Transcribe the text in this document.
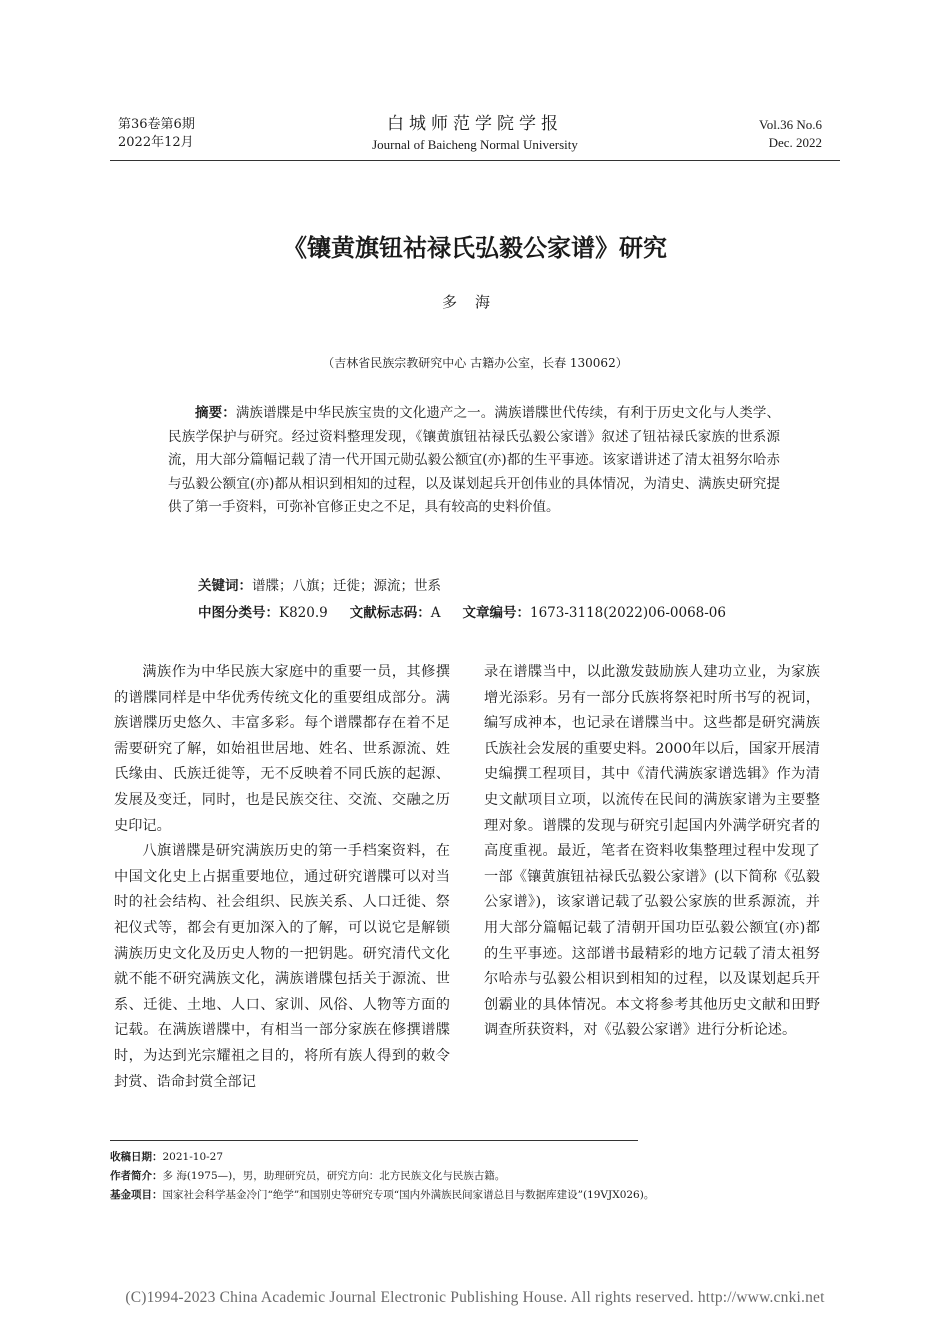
第36卷第6期
2022年12月
白城师范学院学报
Journal of Baicheng Normal University
Vol.36 No.6
Dec. 2022
《镶黄旗钮祜禄氏弘毅公家谱》研究
多海
（吉林省民族宗教研究中心 古籍办公室，长春 130062）
摘要：满族谱牒是中华民族宝贵的文化遗产之一。满族谱牒世代传续，有利于历史文化与人类学、民族学保护与研究。经过资料整理发现，《镶黄旗钮祜禄氏弘毅公家谱》叙述了钮祜禄氏家族的世系源流，用大部分篇幅记载了清一代开国元勋弘毅公额宜(亦)都的生平事迹。该家谱讲述了清太祖努尔哈赤与弘毅公额宜(亦)都从相识到相知的过程，以及谋划起兵开创伟业的具体情况，为清史、满族史研究提供了第一手资料，可弥补官修正史之不足，具有较高的史料价值。
关键词：谱牒；八旗；迁徙；源流；世系
中图分类号：K820.9 文献标志码：A 文章编号：1673-3118(2022)06-0068-06

满族作为中华民族大家庭中的重要一员，其修撰的谱牒同样是中华优秀传统文化的重要组成部分。满族谱牒历史悠久、丰富多彩。每个谱牒都存在着不足需要研究了解，如始祖世居地、姓名、世系源流、姓氏缘由、氏族迁徙等，无不反映着不同氏族的起源、发展及变迁，同时，也是民族交往、交流、交融之历史印记。

八旗谱牒是研究满族历史的第一手档案资料，在中国文化史上占据重要地位，通过研究谱牒可以对当时的社会结构、社会组织、民族关系、人口迁徙、祭祀仪式等，都会有更加深入的了解，可以说它是解锁满族历史文化及历史人物的一把钥匙。研究清代文化就不能不研究满族文化，满族谱牒包括关于源流、世系、迁徙、土地、人口、家训、风俗、人物等方面的记载。在满族谱牒中，有相当一部分家族在修撰谱牒时，为达到光宗耀祖之目的，将所有族人得到的敕令封赏、诰命封赏全部记

录在谱牒当中，以此激发鼓励族人建功立业，为家族增光添彩。另有一部分氏族将祭祀时所书写的祝词，编写成神本，也记录在谱牒当中。这些都是研究满族氏族社会发展的重要史料。2000年以后，国家开展清史编撰工程项目，其中《清代满族家谱选辑》作为清史文献项目立项，以流传在民间的满族家谱为主要整理对象。谱牒的发现与研究引起国内外满学研究者的高度重视。最近，笔者在资料收集整理过程中发现了一部《镶黄旗钮祜禄氏弘毅公家谱》(以下简称《弘毅公家谱》)，该家谱记载了弘毅公家族的世系源流，并用大部分篇幅记载了清朝开国功臣弘毅公额宜(亦)都的生平事迹。这部谱书最精彩的地方记载了清太祖努尔哈赤与弘毅公相识到相知的过程，以及谋划起兵开创霸业的具体情况。本文将参考其他历史文献和田野调查所获资料，对《弘毅公家谱》进行分析论述。

收稿日期：2021-10-27
作者简介：多 海(1975—)，男，助理研究员，研究方向：北方民族文化与民族古籍。
基金项目：国家社会科学基金冷门“绝学”和国别史等研究专项“国内外满族民间家谱总目与数据库建设”(19VJX026)。
(C)1994-2023 China Academic Journal Electronic Publishing House. All rights reserved. http://www.cnki.net
